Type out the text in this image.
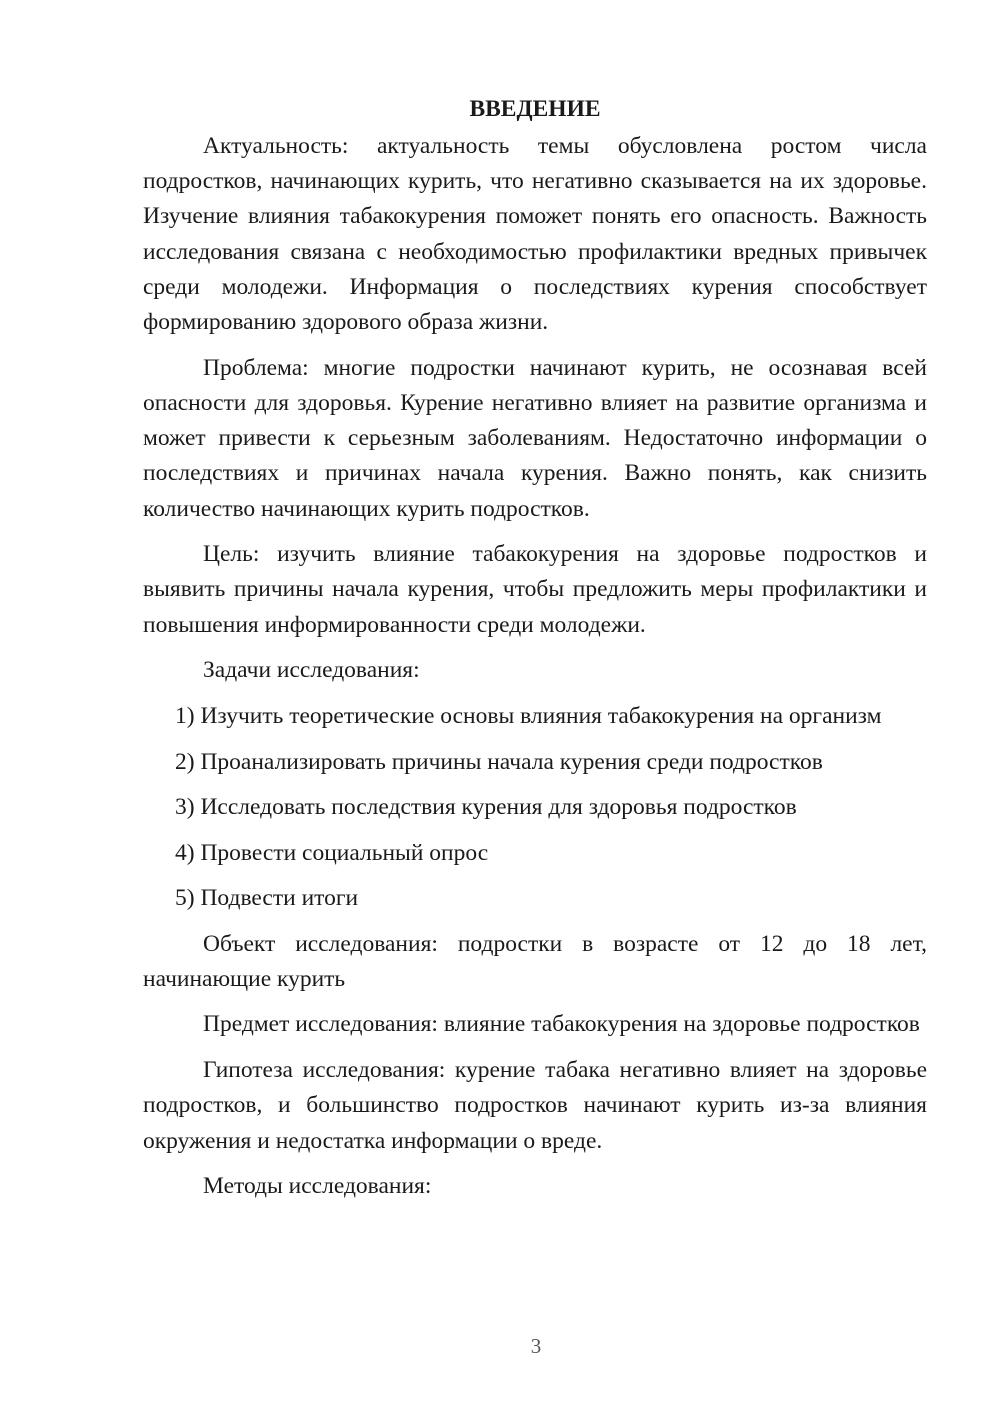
ВВЕДЕНИЕ

Актуальность: актуальность темы обусловлена ростом числа подростков, начинающих курить, что негативно сказывается на их здоровье. Изучение влияния табакокурения поможет понять его опасность. Важность исследования связана с необходимостью профилактики вредных привычек среди молодежи. Информация о последствиях курения способствует формированию здорового образа жизни.

Проблема: многие подростки начинают курить, не осознавая всей опасности для здоровья. Курение негативно влияет на развитие организма и может привести к серьезным заболеваниям. Недостаточно информации о последствиях и причинах начала курения. Важно понять, как снизить количество начинающих курить подростков.

Цель: изучить влияние табакокурения на здоровье подростков и выявить причины начала курения, чтобы предложить меры профилактики и повышения информированности среди молодежи.

Задачи исследования:

1) Изучить теоретические основы влияния табакокурения на организм
2) Проанализировать причины начала курения среди подростков
3) Исследовать последствия курения для здоровья подростков
4) Провести социальный опрос
5) Подвести итоги

Объект исследования: подростки в возрасте от 12 до 18 лет, начинающие курить

Предмет исследования: влияние табакокурения на здоровье подростков

Гипотеза исследования: курение табака негативно влияет на здоровье подростков, и большинство подростков начинают курить из-за влияния окружения и недостатка информации о вреде.

Методы исследования:

3
